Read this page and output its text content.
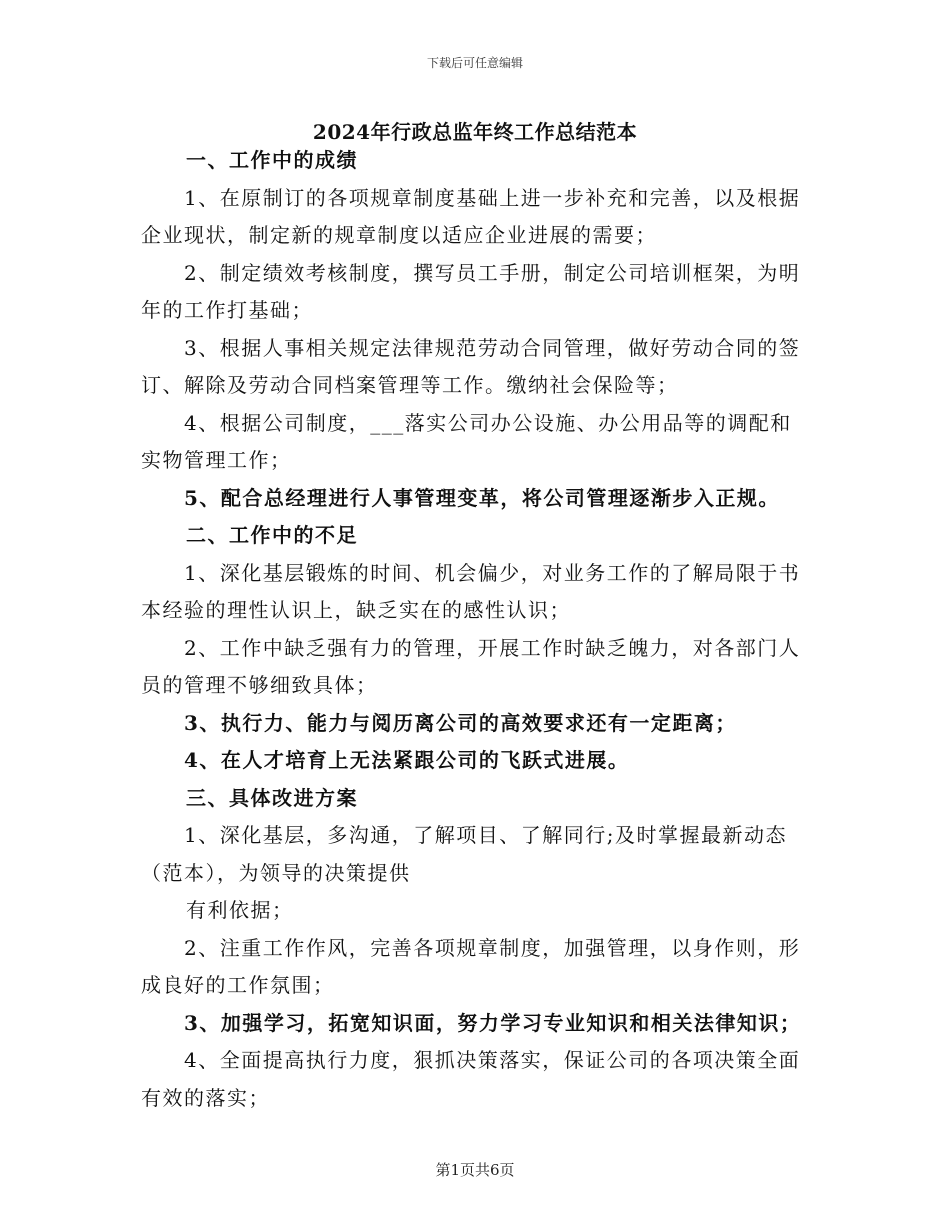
下载后可任意编辑
2024年行政总监年终工作总结范本

一、工作中的成绩

1、在原制订的各项规章制度基础上进一步补充和完善，以及根据企业现状，制定新的规章制度以适应企业进展的需要；

2、制定绩效考核制度，撰写员工手册，制定公司培训框架，为明年的工作打基础；

3、根据人事相关规定法律规范劳动合同管理，做好劳动合同的签订、解除及劳动合同档案管理等工作。缴纳社会保险等；

4、根据公司制度，___落实公司办公设施、办公用品等的调配和实物管理工作；

5、配合总经理进行人事管理变革，将公司管理逐渐步入正规。

二、工作中的不足

1、深化基层锻炼的时间、机会偏少，对业务工作的了解局限于书本经验的理性认识上，缺乏实在的感性认识；

2、工作中缺乏强有力的管理，开展工作时缺乏魄力，对各部门人员的管理不够细致具体；

3、执行力、能力与阅历离公司的高效要求还有一定距离；

4、在人才培育上无法紧跟公司的飞跃式进展。

三、具体改进方案

1、深化基层，多沟通，了解项目、了解同行;及时掌握最新动态（范本），为领导的决策提供

有利依据；

2、注重工作作风，完善各项规章制度，加强管理，以身作则，形成良好的工作氛围；

3、加强学习，拓宽知识面，努力学习专业知识和相关法律知识；

4、全面提高执行力度，狠抓决策落实，保证公司的各项决策全面有效的落实；

第1页共6页
